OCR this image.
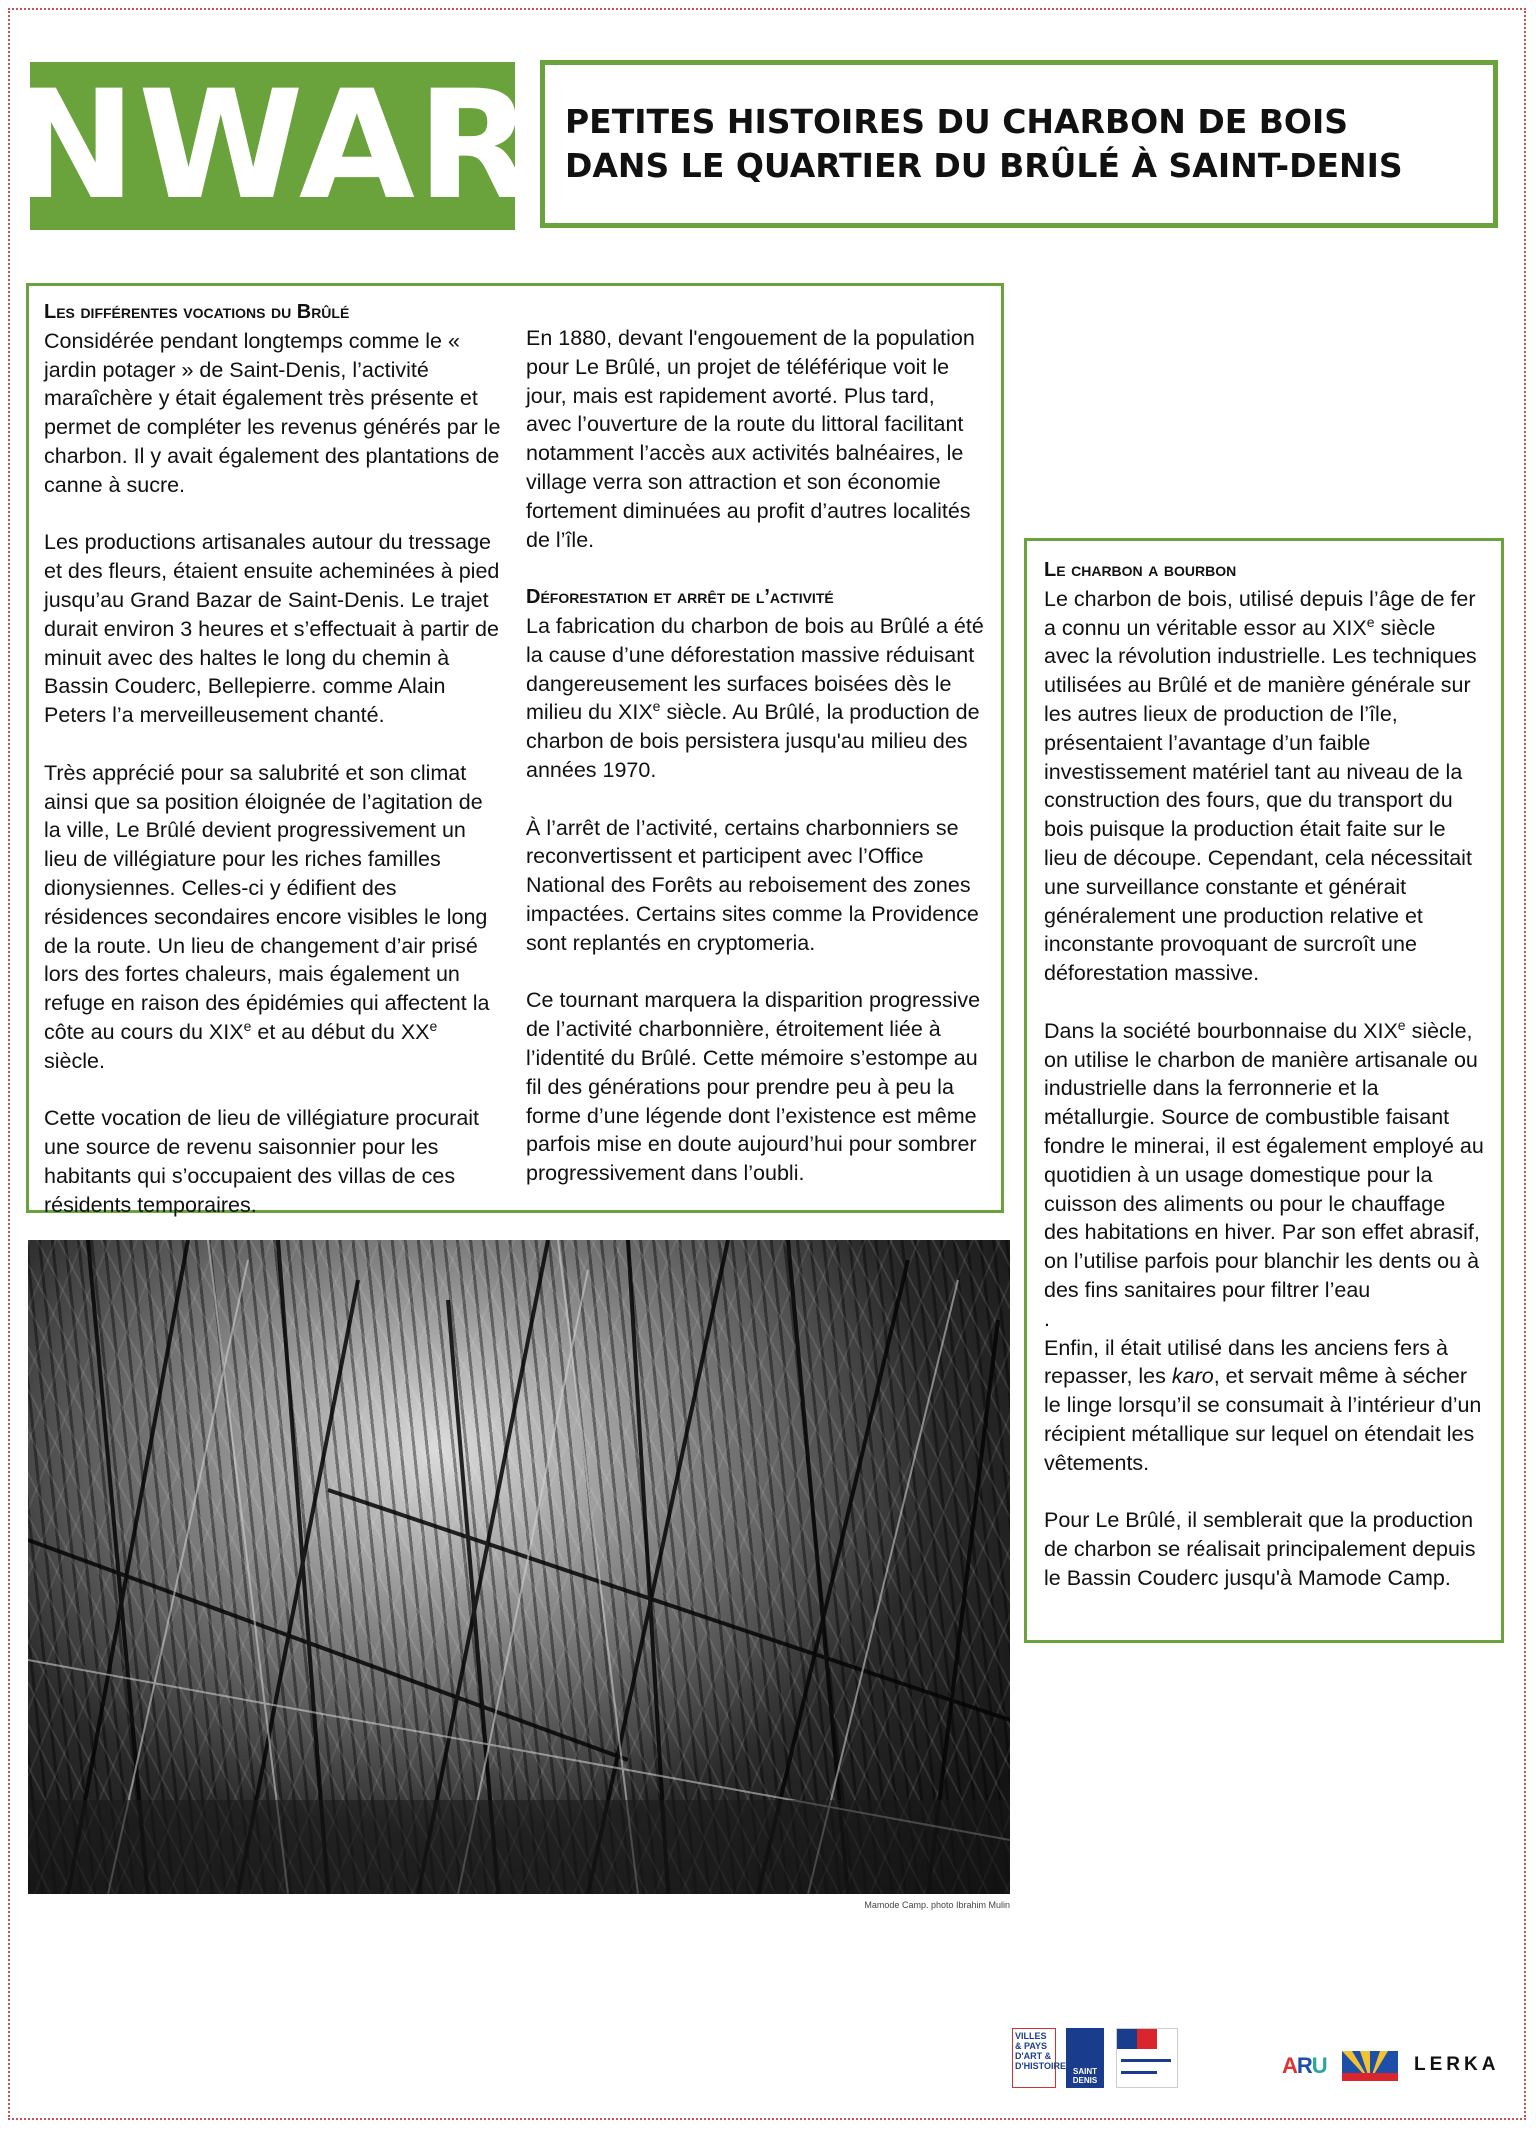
NWAR PETITES HISTOIRES DU CHARBON DE BOIS
DANS LE QUARTIER DU BRÛLÉ À SAINT-DENIS
Les différentes vocations du Brûlé

Considérée pendant longtemps comme le « jardin potager » de Saint-Denis, l’activité maraîchère y était également très présente et permet de compléter les revenus générés par le charbon. Il y avait également des plantations de canne à sucre.

Les productions artisanales autour du tressage et des fleurs, étaient ensuite acheminées à pied jusqu’au Grand Bazar de Saint-Denis. Le trajet durait environ 3 heures et s’effectuait à partir de minuit avec des haltes le long du chemin à Bassin Couderc, Bellepierre. comme Alain Peters l’a merveilleusement chanté.

Très apprécié pour sa salubrité et son climat ainsi que sa position éloignée de l’agitation de la ville, Le Brûlé devient progressivement un lieu de villégiature pour les riches familles dionysiennes. Celles-ci y édifient des résidences secondaires encore visibles le long de la route. Un lieu de changement d’air prisé lors des fortes chaleurs, mais également un refuge en raison des épidémies qui affectent la côte au cours du XIXe et au début du XXe siècle.

Cette vocation de lieu de villégiature procurait une source de revenu saisonnier pour les habitants qui s’occupaient des villas de ces résidents temporaires.

En 1880, devant l'engouement de la population pour Le Brûlé, un projet de téléférique voit le jour, mais est rapidement avorté. Plus tard, avec l’ouverture de la route du littoral facilitant notamment l’accès aux activités balnéaires, le village verra son attraction et son économie fortement diminuées au profit d’autres localités de l’île.

Déforestation et arrêt de l’activité

La fabrication du charbon de bois au Brûlé a été la cause d’une déforestation massive réduisant dangereusement les surfaces boisées dès le milieu du XIXe siècle. Au Brûlé, la production de charbon de bois persistera jusqu'au milieu des années 1970.

À l’arrêt de l’activité, certains charbonniers se reconvertissent et participent avec l’Office National des Forêts au reboisement des zones impactées. Certains sites comme la Providence sont replantés en cryptomeria.

Ce tournant marquera la disparition progressive de l’activité charbonnière, étroitement liée à l’identité du Brûlé. Cette mémoire s’estompe au fil des générations pour prendre peu à peu la forme d’une légende dont l’existence est même parfois mise en doute aujourd’hui pour sombrer progressivement dans l’oubli.

Le charbon a bourbon

Le charbon de bois, utilisé depuis l’âge de fer a connu un véritable essor au XIXe siècle avec la révolution industrielle. Les techniques utilisées au Brûlé et de manière générale sur les autres lieux de production de l’île, présentaient l’avantage d’un faible investissement matériel tant au niveau de la construction des fours, que du transport du bois puisque la production était faite sur le lieu de découpe. Cependant, cela nécessitait une surveillance constante et générait généralement une production relative et inconstante provoquant de surcroît une déforestation massive.

Dans la société bourbonnaise du XIXe siècle, on utilise le charbon de manière artisanale ou industrielle dans la ferronnerie et la métallurgie. Source de combustible faisant fondre le minerai, il est également employé au quotidien à un usage domestique pour la cuisson des aliments ou pour le chauffage des habitations en hiver. Par son effet abrasif, on l’utilise parfois pour blanchir les dents ou à des fins sanitaires pour filtrer l’eau

.

Enfin, il était utilisé dans les anciens fers à repasser, les karo, et servait même à sécher le linge lorsqu’il se consumait à l’intérieur d’un récipient métallique sur lequel on étendait les vêtements.

Pour Le Brûlé, il semblerait que la production de charbon se réalisait principalement depuis le Bassin Couderc jusqu'à Mamode Camp.

Mamode Camp. photo Ibrahim Mulin
VILLES
& PAYS
D'ART &
D'HISTOIRE
SAINT
DENIS
ARU	LERKA
